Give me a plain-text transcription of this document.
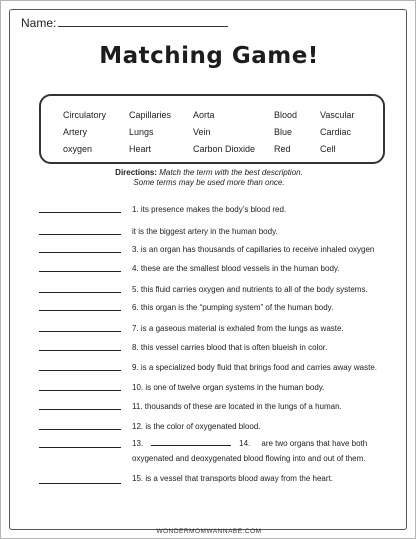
Name:
Matching Game!
Circulatory
Artery
oxygen
Capillaries
Lungs
Heart
Aorta
Vein
Carbon Dioxide
Blood
Blue
Red
Vascular
Cardiac
Cell
Directions: Match the term with the best description.
Some terms may be used more than once.
1. its presence makes the body’s blood red.
it is the biggest artery in the human body.
3. is an organ has thousands of capillaries to receive inhaled oxygen
4. these are the smallest blood vessels in the human body.
5. this fluid carries oxygen and nutrients to all of the body systems.
6. this organ is the “pumping system” of the human body.
7. is a gaseous material is exhaled from the lungs as waste.
8. this vessel carries blood that is often blueish in color.
9. is a specialized body fluid that brings food and carries away waste.
10. is one of twelve organ systems in the human body.
11. thousands of these are located in the lungs of a human.
12. is the color of oxygenated blood.
13.	14. are two organs that have both
oxygenated and deoxygenated blood flowing into and out of them.
15. is a vessel that transports blood away from the heart.
WONDERMOMWANNABE.COM
